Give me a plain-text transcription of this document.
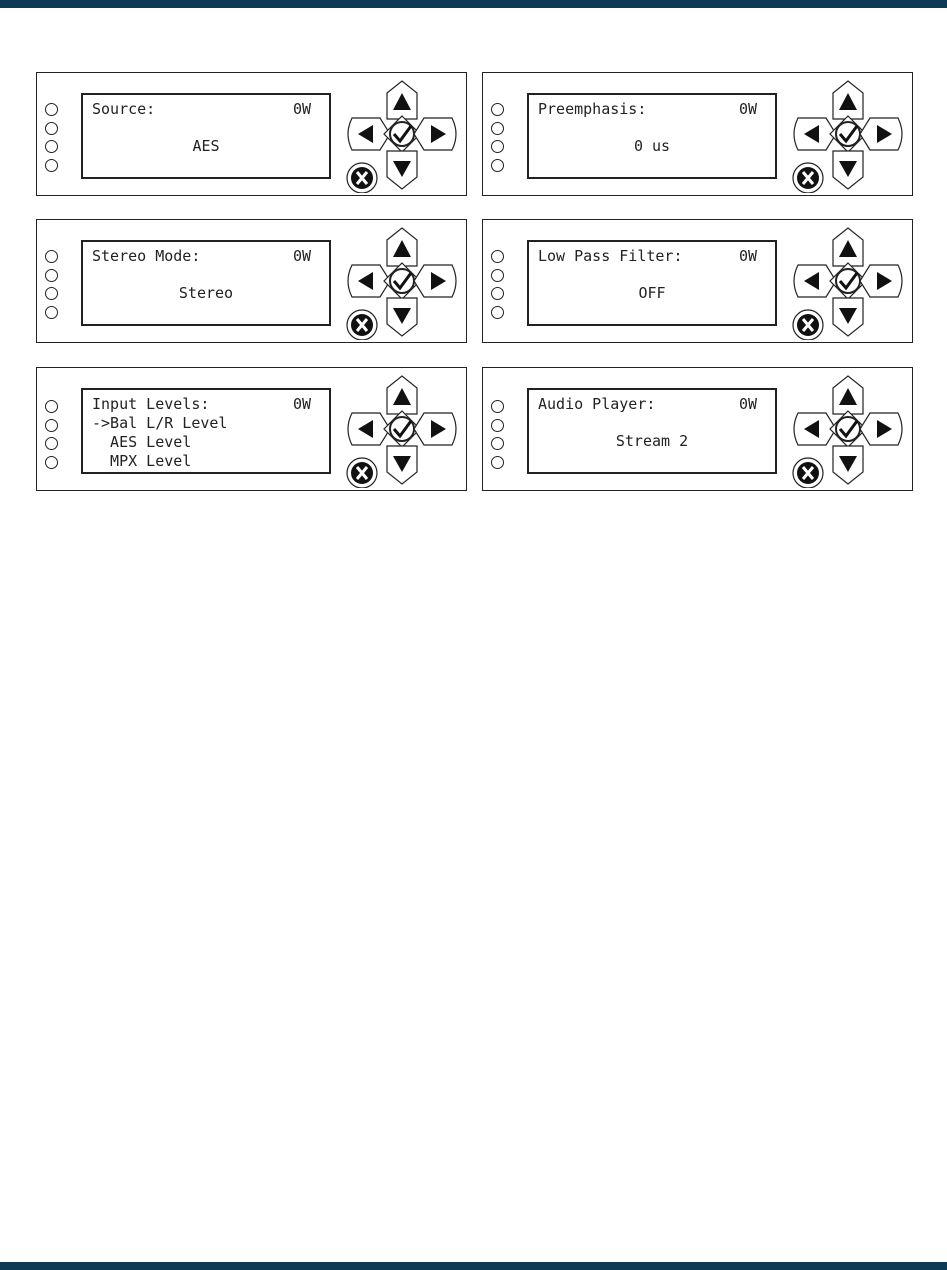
Source:	0W
AES
Preemphasis:	0W
0 us
Stereo Mode:	0W
Stereo
Low Pass Filter:	0W
OFF
Input Levels:	0W
->Bal L/R Level
AES Level
MPX Level
Audio Player:	0W
Stream 2
